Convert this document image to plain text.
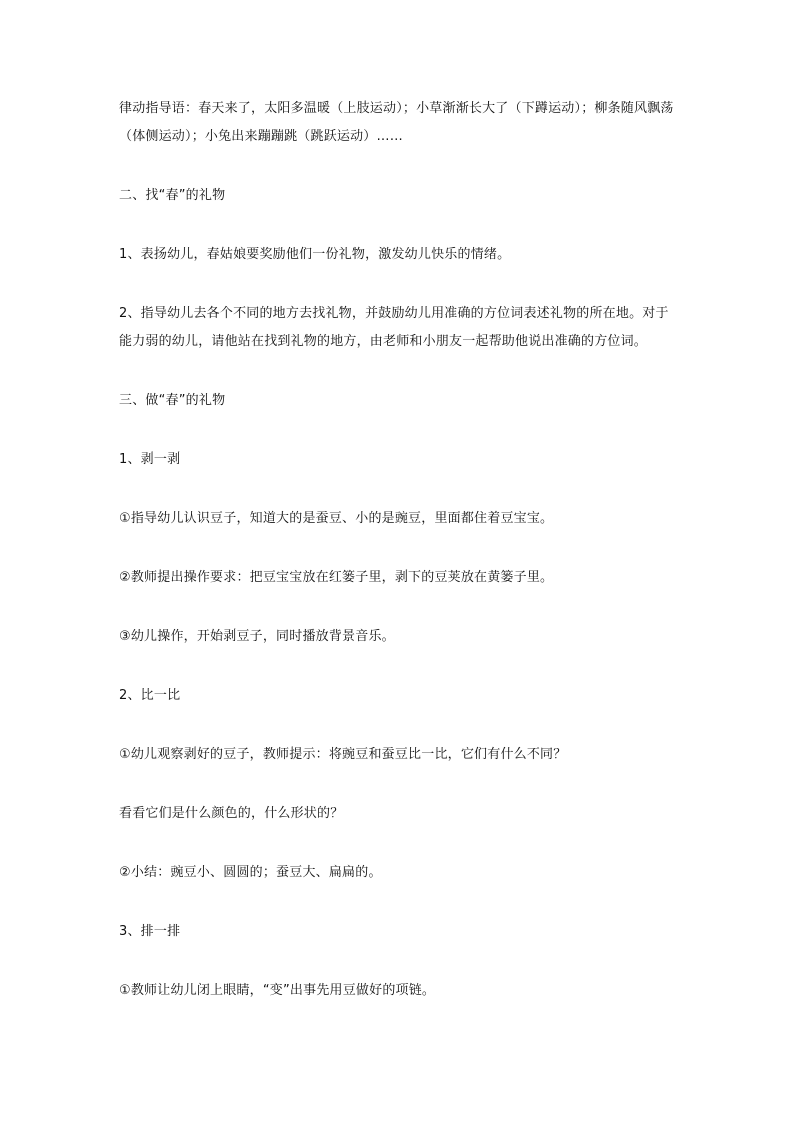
律动指导语：春天来了，太阳多温暖（上肢运动）；小草渐渐长大了（下蹲运动）；柳条随风飘荡（体侧运动）；小兔出来蹦蹦跳（跳跃运动）……

二、找“春”的礼物

1、表扬幼儿，春姑娘要奖励他们一份礼物，激发幼儿快乐的情绪。

2、指导幼儿去各个不同的地方去找礼物，并鼓励幼儿用准确的方位词表述礼物的所在地。对于能力弱的幼儿，请他站在找到礼物的地方，由老师和小朋友一起帮助他说出准确的方位词。

三、做“春”的礼物

1、剥一剥

①指导幼儿认识豆子，知道大的是蚕豆、小的是豌豆，里面都住着豆宝宝。

②教师提出操作要求：把豆宝宝放在红篓子里，剥下的豆荚放在黄篓子里。

③幼儿操作，开始剥豆子，同时播放背景音乐。

2、比一比

①幼儿观察剥好的豆子，教师提示：将豌豆和蚕豆比一比，它们有什么不同？

看看它们是什么颜色的，什么形状的？

②小结：豌豆小、圆圆的；蚕豆大、扁扁的。

3、排一排

①教师让幼儿闭上眼睛，“变”出事先用豆做好的项链。
